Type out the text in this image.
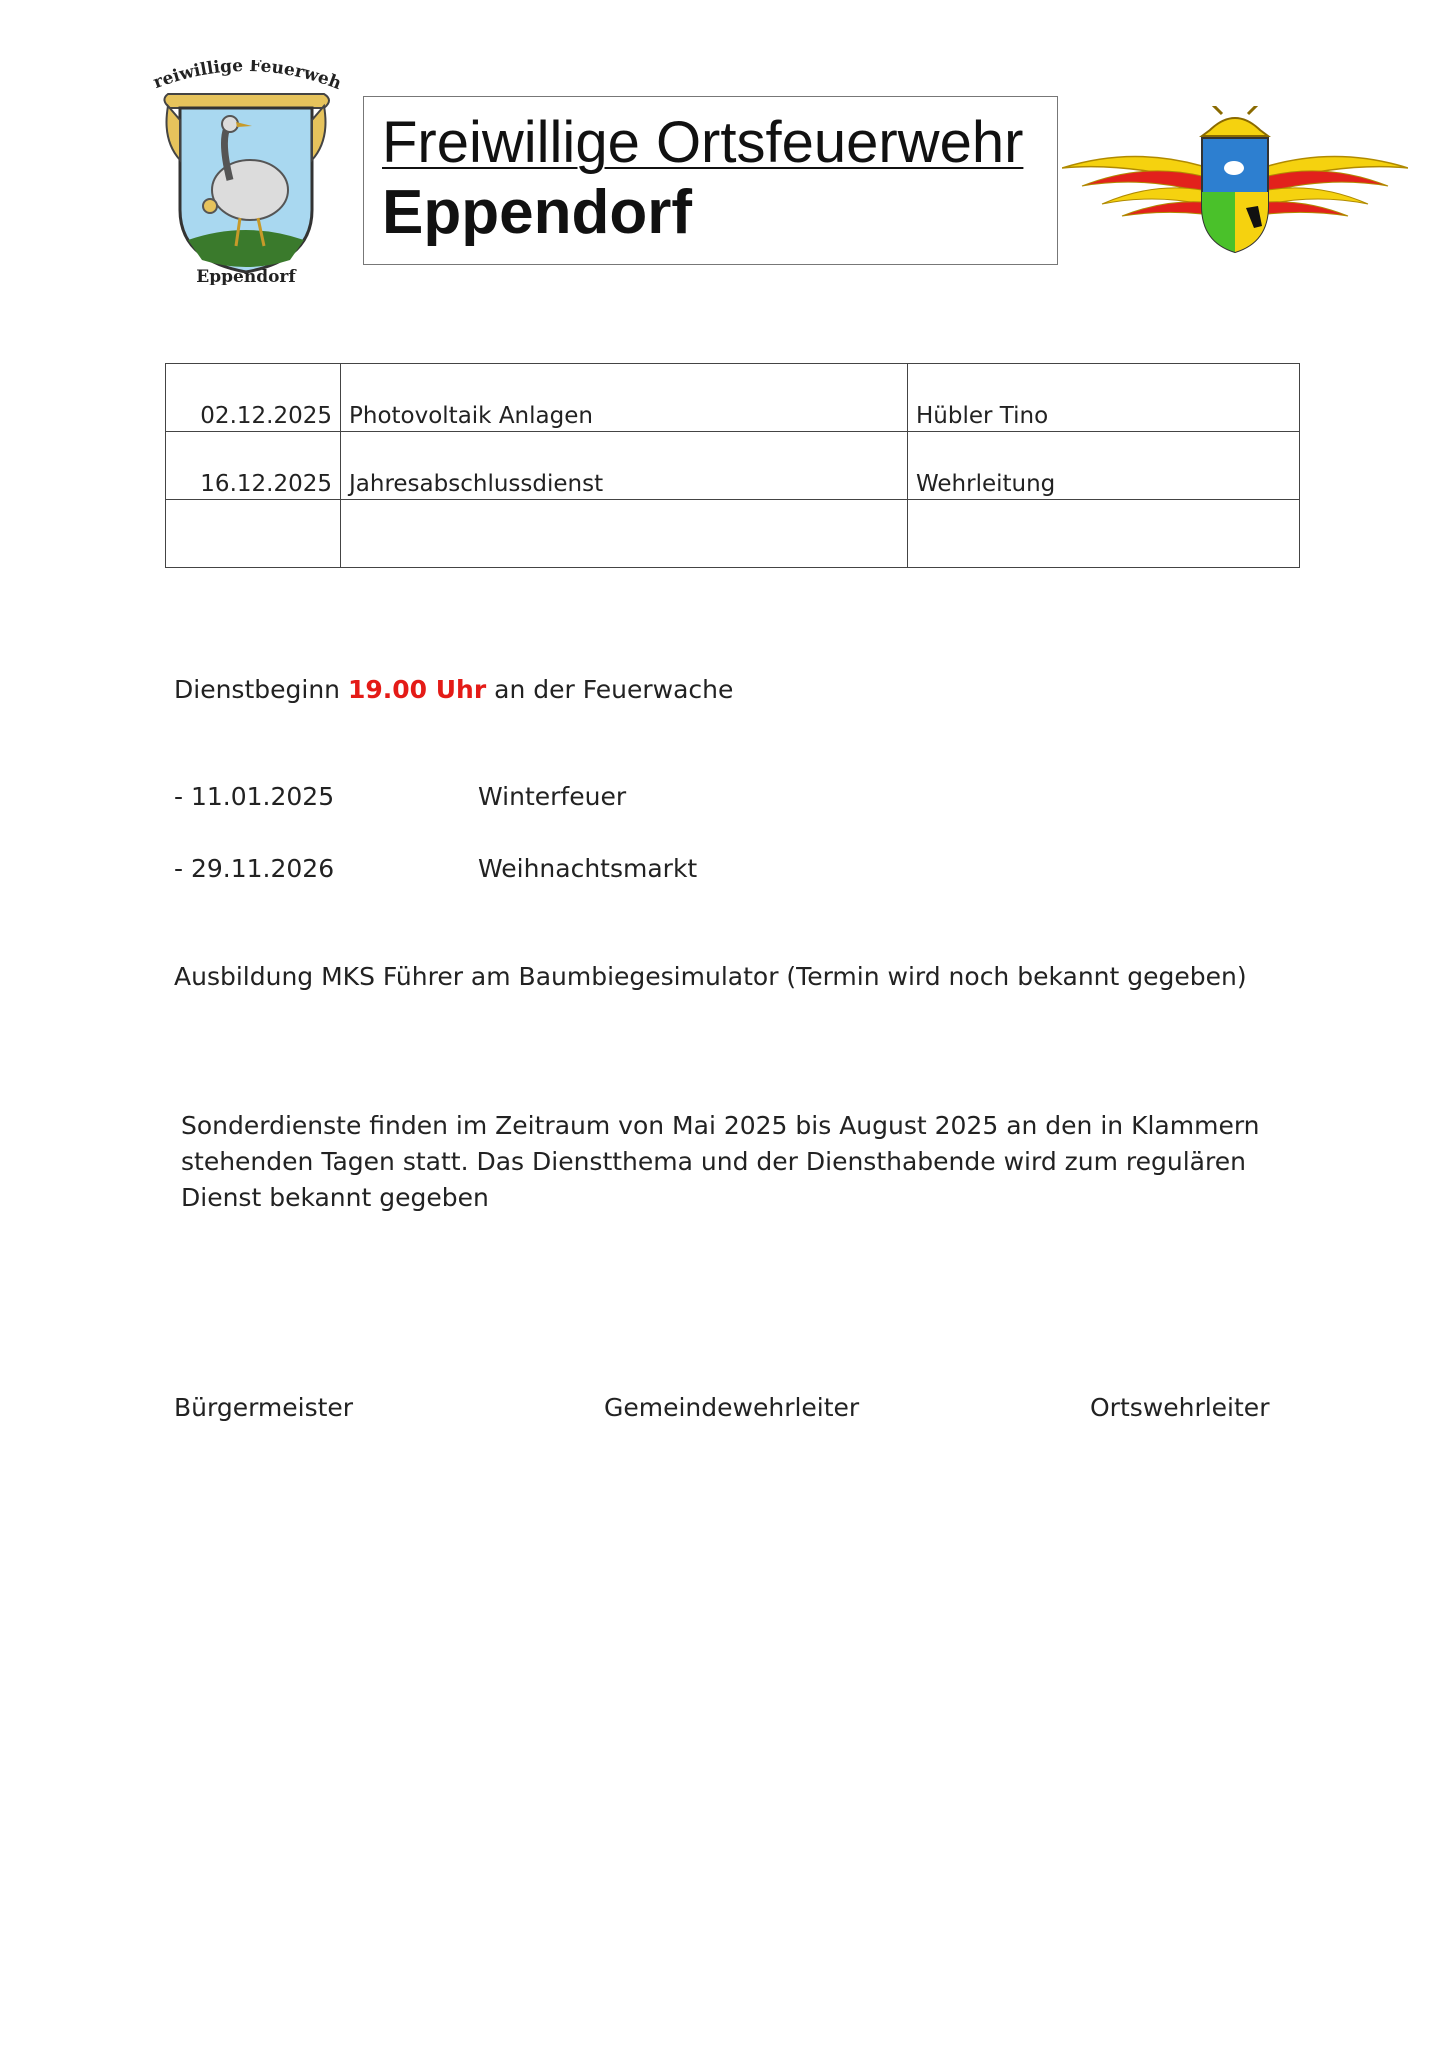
reiwillige Feuerweh
Eppendorf
Freiwillige Ortsfeuerwehr
Eppendorf
02.12.2025	Photovoltaik Anlagen	Hübler Tino
16.12.2025	Jahresabschlussdienst	Wehrleitung

Dienstbeginn 19.00 Uhr an der Feuerwache
- 11.01.2025	Winterfeuer
- 29.11.2026	Weihnachtsmarkt
Ausbildung MKS Führer am Baumbiegesimulator (Termin wird noch bekannt gegeben)
Sonderdienste finden im Zeitraum von Mai 2025 bis August 2025 an den in Klammern stehenden Tagen statt. Das Dienstthema und der Diensthabende wird zum regulären Dienst bekannt gegeben
Bürgermeister	Gemeindewehrleiter	Ortswehrleiter
